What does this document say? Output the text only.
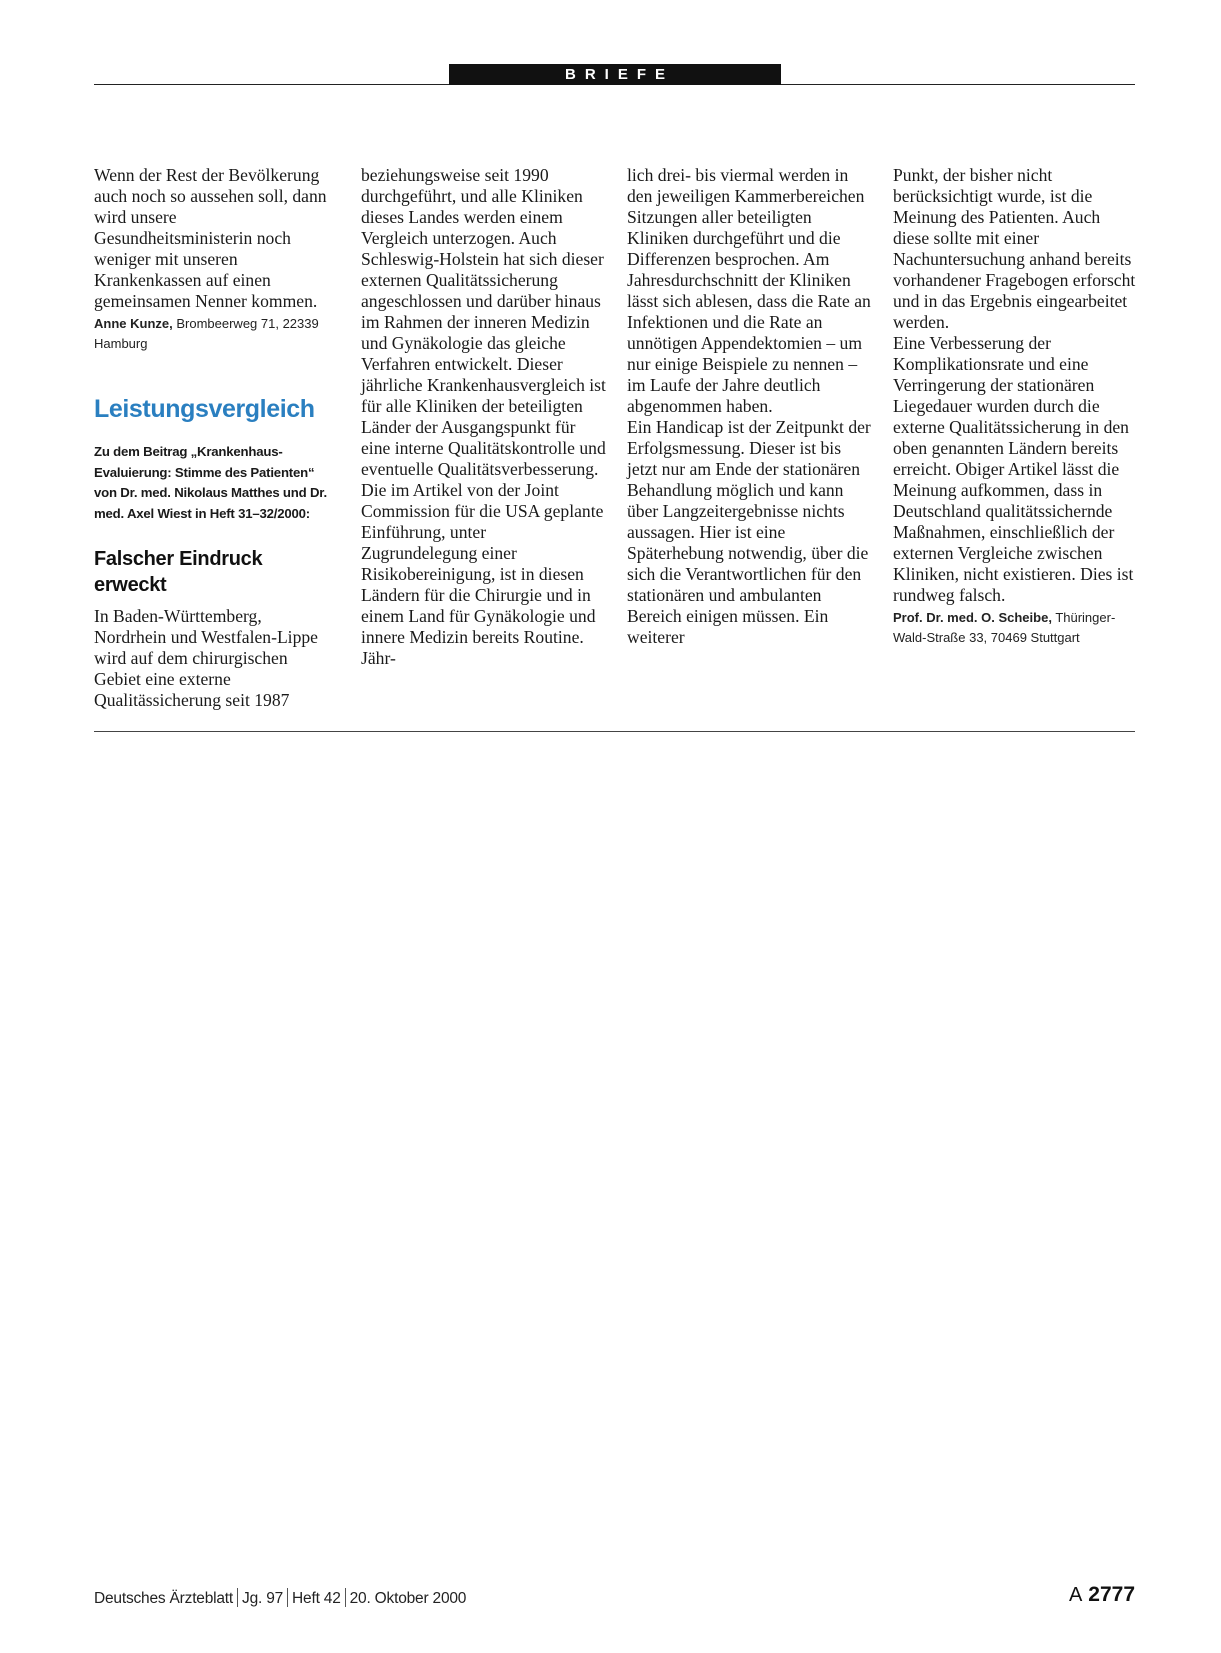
BRIEFE

Wenn der Rest der Bevölkerung auch noch so aussehen soll, dann wird unsere Gesundheitsministerin noch weniger mit unseren Krankenkassen auf einen gemeinsamen Nenner kommen.

Anne Kunze, Brombeerweg 71, 22339 Hamburg
Leistungsvergleich
Zu dem Beitrag „Krankenhaus-Evaluierung: Stimme des Patienten“ von Dr. med. Nikolaus Matthes und Dr. med. Axel Wiest in Heft 31–32/2000:
Falscher Eindruck erweckt

In Baden-Württemberg, Nordrhein und Westfalen-Lippe wird auf dem chirurgischen Gebiet eine externe Qualitässicherung seit 1987

beziehungsweise seit 1990 durchgeführt, und alle Kliniken dieses Landes werden einem Vergleich unterzogen. Auch Schleswig-Holstein hat sich dieser externen Qualitätssicherung angeschlossen und darüber hinaus im Rahmen der inneren Medizin und Gynäkologie das gleiche Verfahren entwickelt. Dieser jährliche Krankenhausvergleich ist für alle Kliniken der beteiligten Länder der Ausgangspunkt für eine interne Qualitätskontrolle und eventuelle Qualitätsverbesserung. Die im Artikel von der Joint Commission für die USA geplante Einführung, unter Zugrundelegung einer Risikobereinigung, ist in diesen Ländern für die Chirurgie und in einem Land für Gynäkologie und innere Medizin bereits Routine. Jähr-

lich drei- bis viermal werden in den jeweiligen Kammerbereichen Sitzungen aller beteiligten Kliniken durchgeführt und die Differenzen besprochen. Am Jahresdurchschnitt der Kliniken lässt sich ablesen, dass die Rate an Infektionen und die Rate an unnötigen Appendektomien – um nur einige Beispiele zu nennen – im Laufe der Jahre deutlich abgenommen haben.

Ein Handicap ist der Zeitpunkt der Erfolgsmessung. Dieser ist bis jetzt nur am Ende der stationären Behandlung möglich und kann über Langzeitergebnisse nichts aussagen. Hier ist eine Späterhebung notwendig, über die sich die Verantwortlichen für den stationären und ambulanten Bereich einigen müssen. Ein weiterer

Punkt, der bisher nicht berücksichtigt wurde, ist die Meinung des Patienten. Auch diese sollte mit einer Nachuntersuchung anhand bereits vorhandener Fragebogen erforscht und in das Ergebnis eingearbeitet werden.

Eine Verbesserung der Komplikationsrate und eine Verringerung der stationären Liegedauer wurden durch die externe Qualitätssicherung in den oben genannten Ländern bereits erreicht. Obiger Artikel lässt die Meinung aufkommen, dass in Deutschland qualitätssichernde Maßnahmen, einschließlich der externen Vergleiche zwischen Kliniken, nicht existieren. Dies ist rundweg falsch.

Prof. Dr. med. O. Scheibe, Thüringer-Wald-Straße 33, 70469 Stuttgart
Deutsches Ärzteblatt Jg. 97 Heft 42 20. Oktober 2000	A 2777
